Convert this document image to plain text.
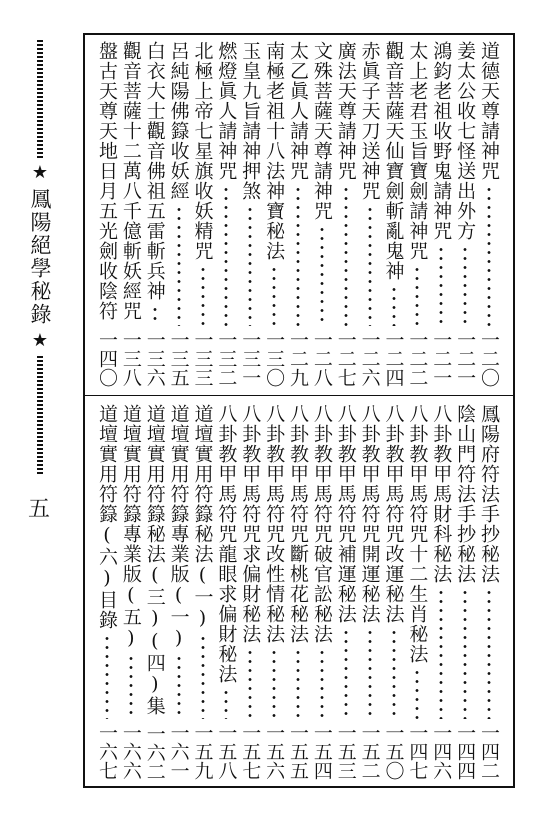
★
鳳陽絕學秘錄
★
五
道德天尊請神咒
一二〇
姜太公收七怪送出外方
一二一
鴻鈞老祖收野鬼請神咒
一二一
太上老君玉旨寶劍請神咒
一二二
觀音菩薩天仙寶劍斬亂鬼神
一二四
赤眞子天刀送神咒
一二六
廣法天尊請神咒
一二七
文殊菩薩天尊請神咒
一二八
太乙眞人請神咒
一二九
南極老祖十八法神寶秘法
一三〇
玉皇九旨請神押煞
一三一
燃燈眞人請神咒
一三二
北極上帝七星旗收妖精咒
一三三
呂純陽佛籙收妖經
一三五
白衣大士觀音佛祖五雷斬兵神
一三六
觀音菩薩十二萬八千億斬妖經咒
一三八
盤古天尊天地日月五光劍收陰符
一四〇
鳳陽府符法手抄秘法
一四二
陰山門符法手抄秘法
一四四
八卦教甲馬財科秘法
一四六
八卦教甲馬符咒十二生肖秘法
一四七
八卦教甲馬符咒改運秘法
一五〇
八卦教甲馬符咒開運秘法
一五二
八卦教甲馬符咒補運秘法
一五三
八卦教甲馬符咒破官訟秘法
一五四
八卦教甲馬符咒斷桃花秘法
一五五
八卦教甲馬符咒改性情秘法
一五六
八卦教甲馬符咒求偏財秘法
一五七
八卦教甲馬符咒龍眼求偏財秘法
一五八
道壇實用符籙秘法(一)
一五九
道壇實用符籙專業版(一)
一六一
道壇實用符籙秘法(三)(四)集
一六二
道壇實用符籙專業版(五)
一六六
道壇實用符籙(六)目錄
一六七
